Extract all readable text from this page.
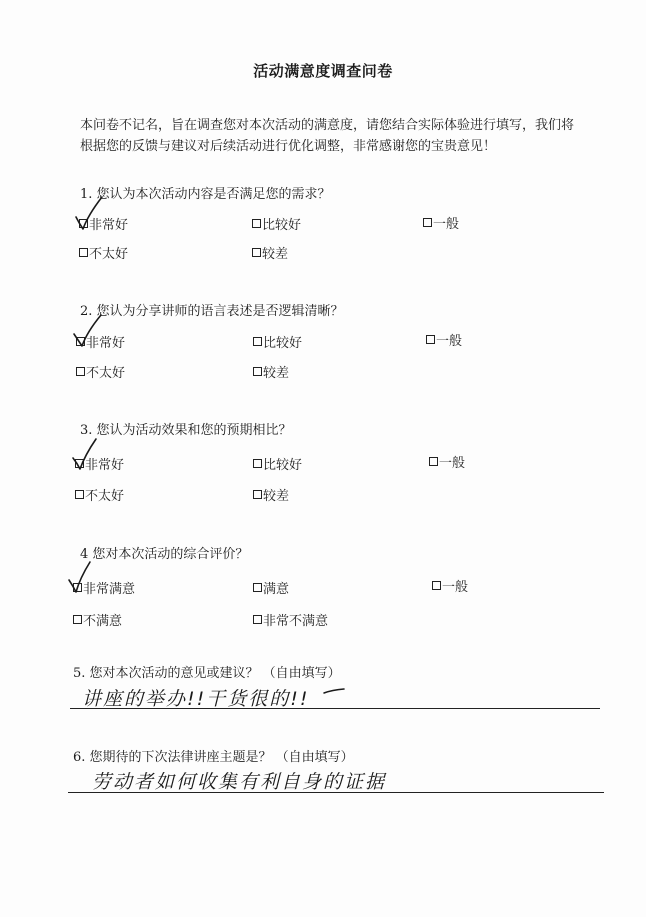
活动满意度调查问卷
本问卷不记名，旨在调查您对本次活动的满意度，请您结合实际体验进行填写，我们将根据您的反馈与建议对后续活动进行优化调整，非常感谢您的宝贵意见！
1. 您认为本次活动内容是否满足您的需求？
非常好	比较好	一般
不太好	较差
2. 您认为分享讲师的语言表述是否逻辑清晰？
非常好	比较好	一般
不太好	较差
3. 您认为活动效果和您的预期相比？
非常好	比较好	一般
不太好	较差
4 您对本次活动的综合评价？
非常满意	满意	一般
不满意	非常不满意
5. 您对本次活动的意见或建议？ （自由填写）
讲座的举办!!干货很的!!
6. 您期待的下次法律讲座主题是？ （自由填写）
劳动者如何收集有利自身的证据
